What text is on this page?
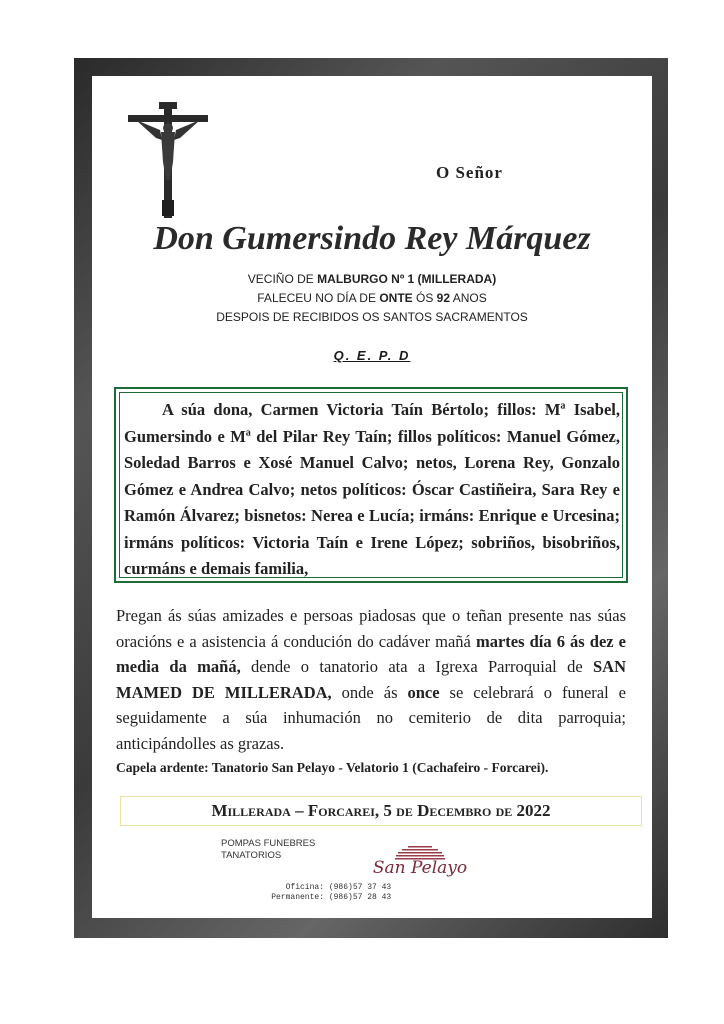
O Señor
Don Gumersindo Rey Márquez
VECIÑO DE MALBURGO Nº 1 (MILLERADA)
FALECEU NO DÍA DE ONTE ÓS 92 ANOS
DESPOIS DE RECIBIDOS OS SANTOS SACRAMENTOS
Q. E. P. D
A súa dona, Carmen Victoria Taín Bértolo; fillos: Mª Isabel, Gumersindo e Mª del Pilar Rey Taín; fillos políticos: Manuel Gómez, Soledad Barros e Xosé Manuel Calvo; netos, Lorena Rey, Gonzalo Gómez e Andrea Calvo; netos políticos: Óscar Castiñeira, Sara Rey e Ramón Álvarez; bisnetos: Nerea e Lucía; irmáns: Enrique e Urcesina; irmáns políticos: Victoria Taín e Irene López; sobriños, bisobriños, curmáns e demais familia,
Pregan ás súas amizades e persoas piadosas que o teñan presente nas súas oracións e a asistencia á condución do cadáver mañá martes día 6 ás dez e media da mañá, dende o tanatorio ata a Igrexa Parroquial de SAN MAMED DE MILLERADA, onde ás once se celebrará o funeral e seguidamente a súa inhumación no cemiterio de dita parroquia; anticipándolles as grazas.
Capela ardente: Tanatorio San Pelayo - Velatorio 1 (Cachafeiro - Forcarei).
Millerada – Forcarei, 5 de Decembro de 2022
POMPAS FUNEBRES
TANATORIOS
Oficina: (986)57 37 43
Permanente: (986)57 28 43
San Pelayo
